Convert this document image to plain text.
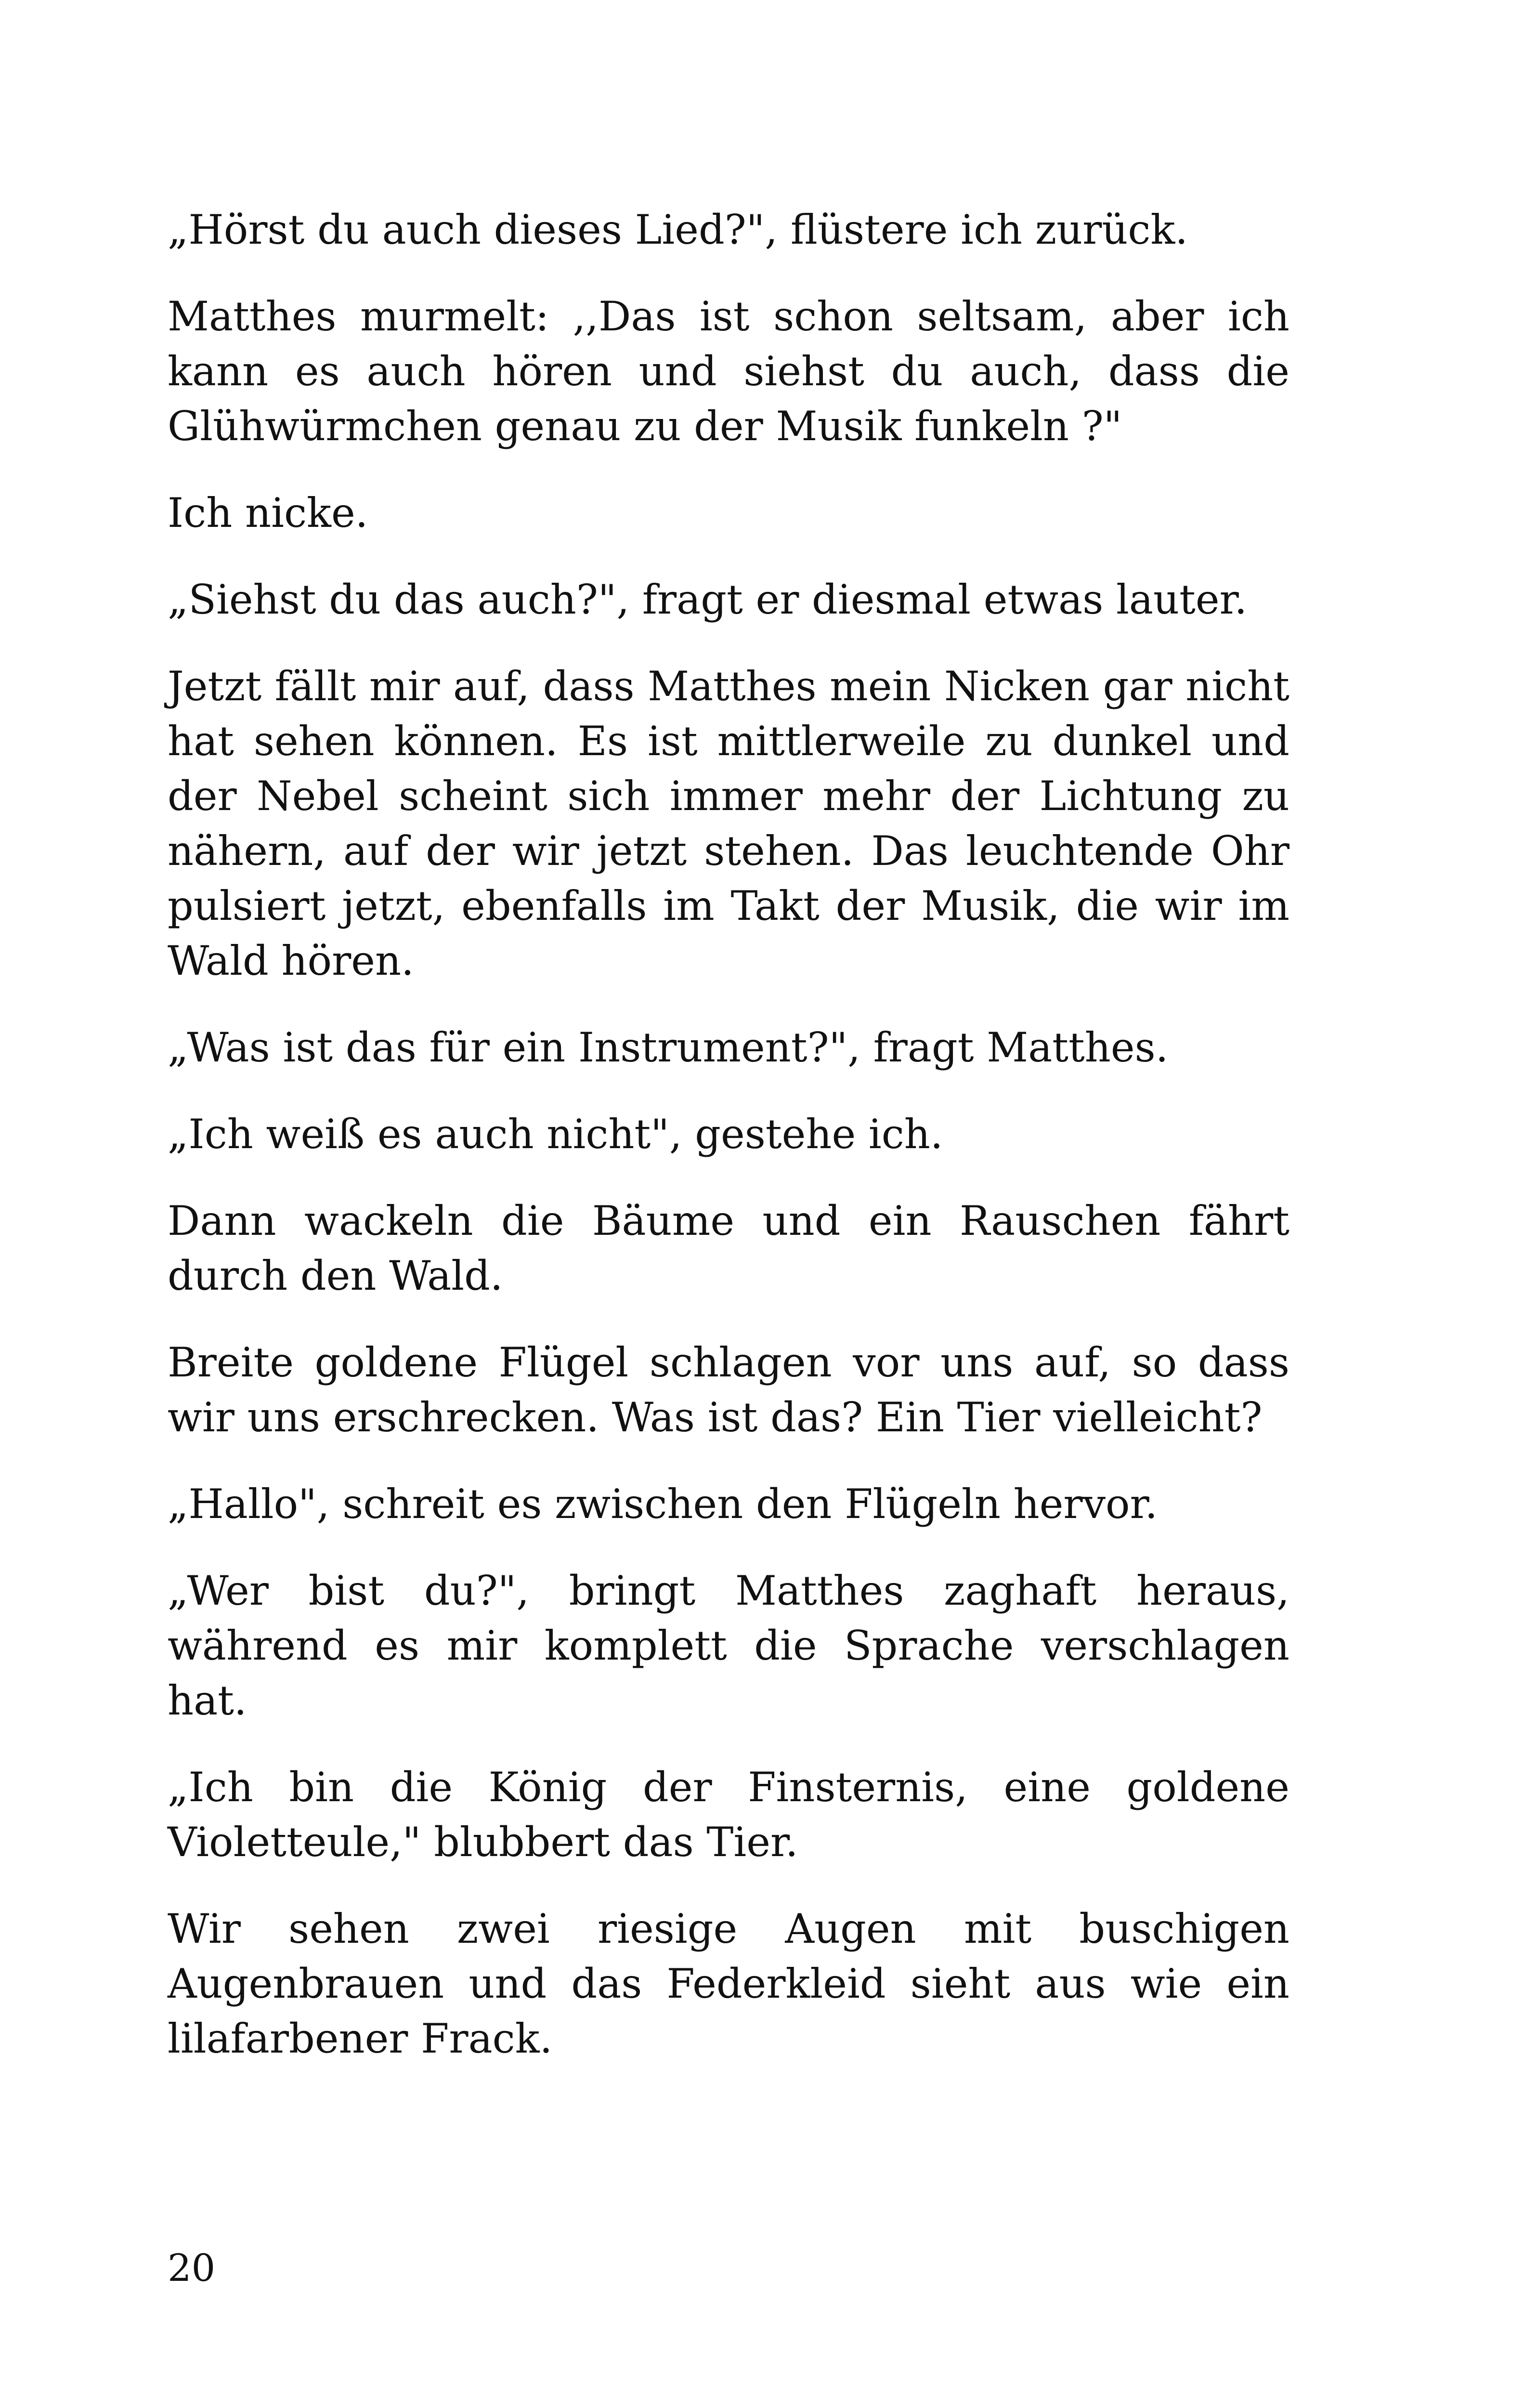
„Hörst du auch dieses Lied?", flüstere ich zurück.

Matthes murmelt: ,,Das ist schon seltsam, aber ich kann es auch hören und siehst du auch, dass die Glühwürmchen genau zu der Musik funkeln ?"

Ich nicke.

„Siehst du das auch?", fragt er diesmal etwas lauter.

Jetzt fällt mir auf, dass Matthes mein Nicken gar nicht hat sehen können. Es ist mittlerweile zu dunkel und der Nebel scheint sich immer mehr der Lichtung zu nähern, auf der wir jetzt stehen. Das leuchtende Ohr pulsiert jetzt, ebenfalls im Takt der Musik, die wir im Wald hören.

„Was ist das für ein Instrument?", fragt Matthes.

„Ich weiß es auch nicht", gestehe ich.

Dann wackeln die Bäume und ein Rauschen fährt durch den Wald.

Breite goldene Flügel schlagen vor uns auf, so dass wir uns erschrecken. Was ist das? Ein Tier vielleicht?

„Hallo", schreit es zwischen den Flügeln hervor.

„Wer bist du?", bringt Matthes zaghaft heraus, während es mir komplett die Sprache verschlagen hat.

„Ich bin die König der Finsternis, eine goldene Violetteule," blubbert das Tier.

Wir sehen zwei riesige Augen mit buschigen Augenbrauen und das Federkleid sieht aus wie ein lilafarbener Frack.

20
